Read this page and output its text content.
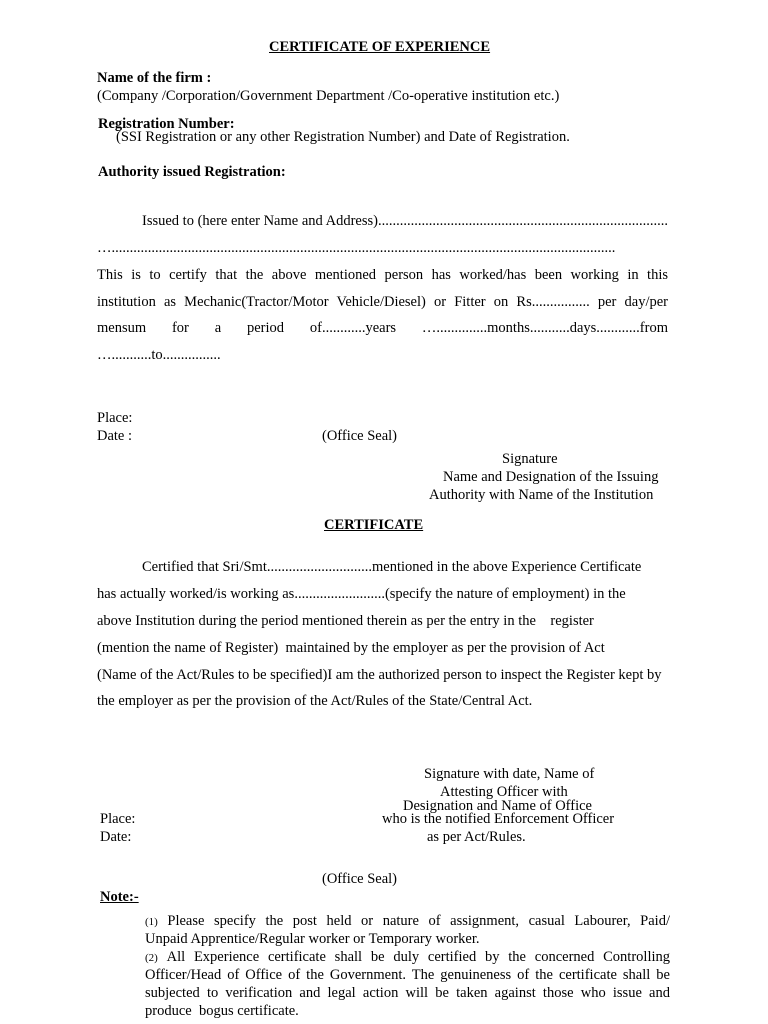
CERTIFICATE OF EXPERIENCE
Name of the firm :
(Company /Corporation/Government Department /Co-operative institution etc.)
Registration Number:
(SSI Registration or any other Registration Number) and Date of Registration.
Authority issued Registration:
Issued to (here enter Name and Address)................................................................................
…...........................................................................................................................................
This is to certify that the above mentioned person has worked/has been working in this
institution as Mechanic(Tractor/Motor Vehicle/Diesel) or Fitter on Rs................ per day/per
mensum for a period of............years …..............months...........days............from
…...........to................
Place:
Date :	(Office Seal)
Signature
Name and Designation of the Issuing
Authority with Name of the Institution
CERTIFICATE
Certified that Sri/Smt.............................mentioned in the above Experience Certificate
has actually worked/is working as.........................(specify the nature of employment) in the
above Institution during the period mentioned therein as per the entry in the    register
(mention the name of Register)  maintained by the employer as per the provision of Act
(Name of the Act/Rules to be specified)I am the authorized person to inspect the Register kept by
the employer as per the provision of the Act/Rules of the State/Central Act.
Signature with date, Name of
Attesting Officer with
Designation and Name of Office
who is the notified Enforcement Officer
as per Act/Rules.
Place:
Date:
(Office Seal)
Note:-
(1) Please specify the post held or nature of assignment, casual Labourer, Paid/
Unpaid Apprentice/Regular worker or Temporary worker.
(2) All Experience certificate shall be duly certified by the concerned Controlling
Officer/Head of Office of the Government. The genuineness of the certificate shall be
subjected to verification and legal action will be taken against those who issue and
produce  bogus certificate.
